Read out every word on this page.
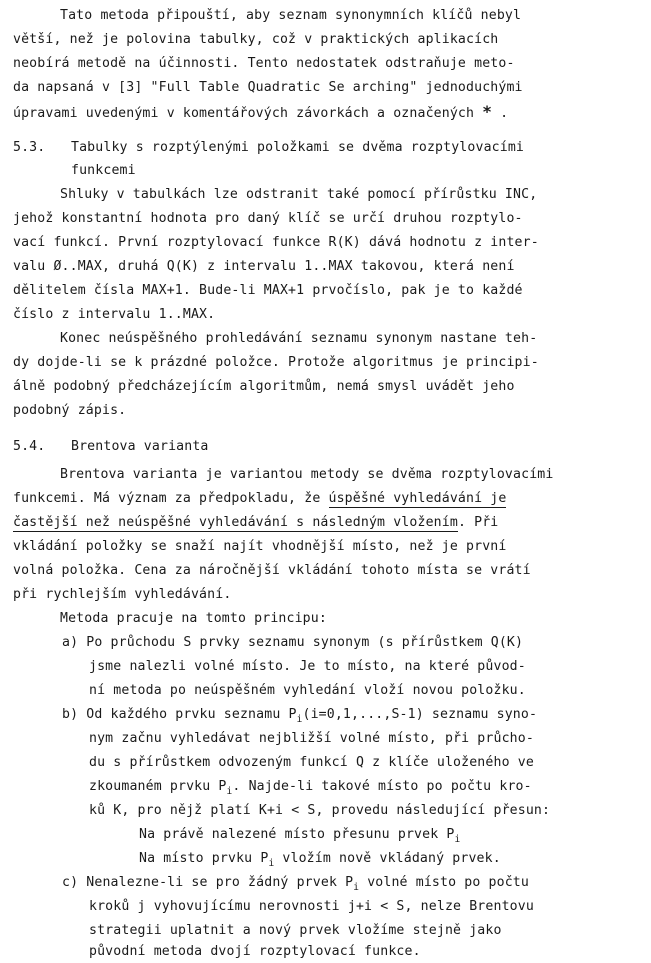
Tato metoda připouští, aby seznam synonymních klíčů nebyl
větší, než je polovina tabulky, což v praktických aplikacích
neobírá metodě na účinnosti. Tento nedostatek odstraňuje meto-
da napsaná v [3] "Full Table Quadratic Se arching" jednoduchými
úpravami uvedenými v komentářových závorkách a označených * .
5.3. Tabulky s rozptýlenými položkami se dvěma rozptylovacími
funkcemi
Shluky v tabulkách lze odstranit také pomocí přírůstku INC,
jehož konstantní hodnota pro daný klíč se určí druhou rozptylo-
vací funkcí. První rozptylovací funkce R(K) dává hodnotu z inter-
valu Ø..MAX, druhá Q(K) z intervalu 1..MAX takovou, která není
dělitelem čísla MAX+1. Bude-li MAX+1 prvočíslo, pak je to každé
číslo z intervalu 1..MAX.
Konec neúspěšného prohledávání seznamu synonym nastane teh-
dy dojde-li se k prázdné položce. Protože algoritmus je principi-
álně podobný předcházejícím algoritmům, nemá smysl uvádět jeho
podobný zápis.
5.4. Brentova varianta
Brentova varianta je variantou metody se dvěma rozptylovacími
funkcemi. Má význam za předpokladu, že úspěšné vyhledávání je
častější než neúspěšné vyhledávání s následným vložením. Při
vkládání položky se snaží najít vhodnější místo, než je první
volná položka. Cena za náročnější vkládání tohoto místa se vrátí
při rychlejším vyhledávání.
Metoda pracuje na tomto principu:
a) Po průchodu S prvky seznamu synonym (s přírůstkem Q(K)
jsme nalezli volné místo. Je to místo, na které původ-
ní metoda po neúspěšném vyhledání vloží novou položku.
b) Od každého prvku seznamu $P_i(i=0,1,...,S-1)$ seznamu syno-
nym začnu vyhledávat nejbližší volné místo, při průcho-
du s přírůstkem odvozeným funkcí Q z klíče uloženého ve
zkoumaném prvku $P_i$. Najde-li takové místo po počtu kro-
ků K, pro nějž platí K+i < S, provedu následující přesun:
Na právě nalezené místo přesunu prvek $P_i$
Na místo prvku $P_i$ vložím nově vkládaný prvek.
c) Nenalezne-li se pro žádný prvek $P_i$ volné místo po počtu
kroků j vyhovujícímu nerovnosti j+i < S, nelze Brentovu
strategii uplatnit a nový prvek vložíme stejně jako
původní metoda dvojí rozptylovací funkce.
